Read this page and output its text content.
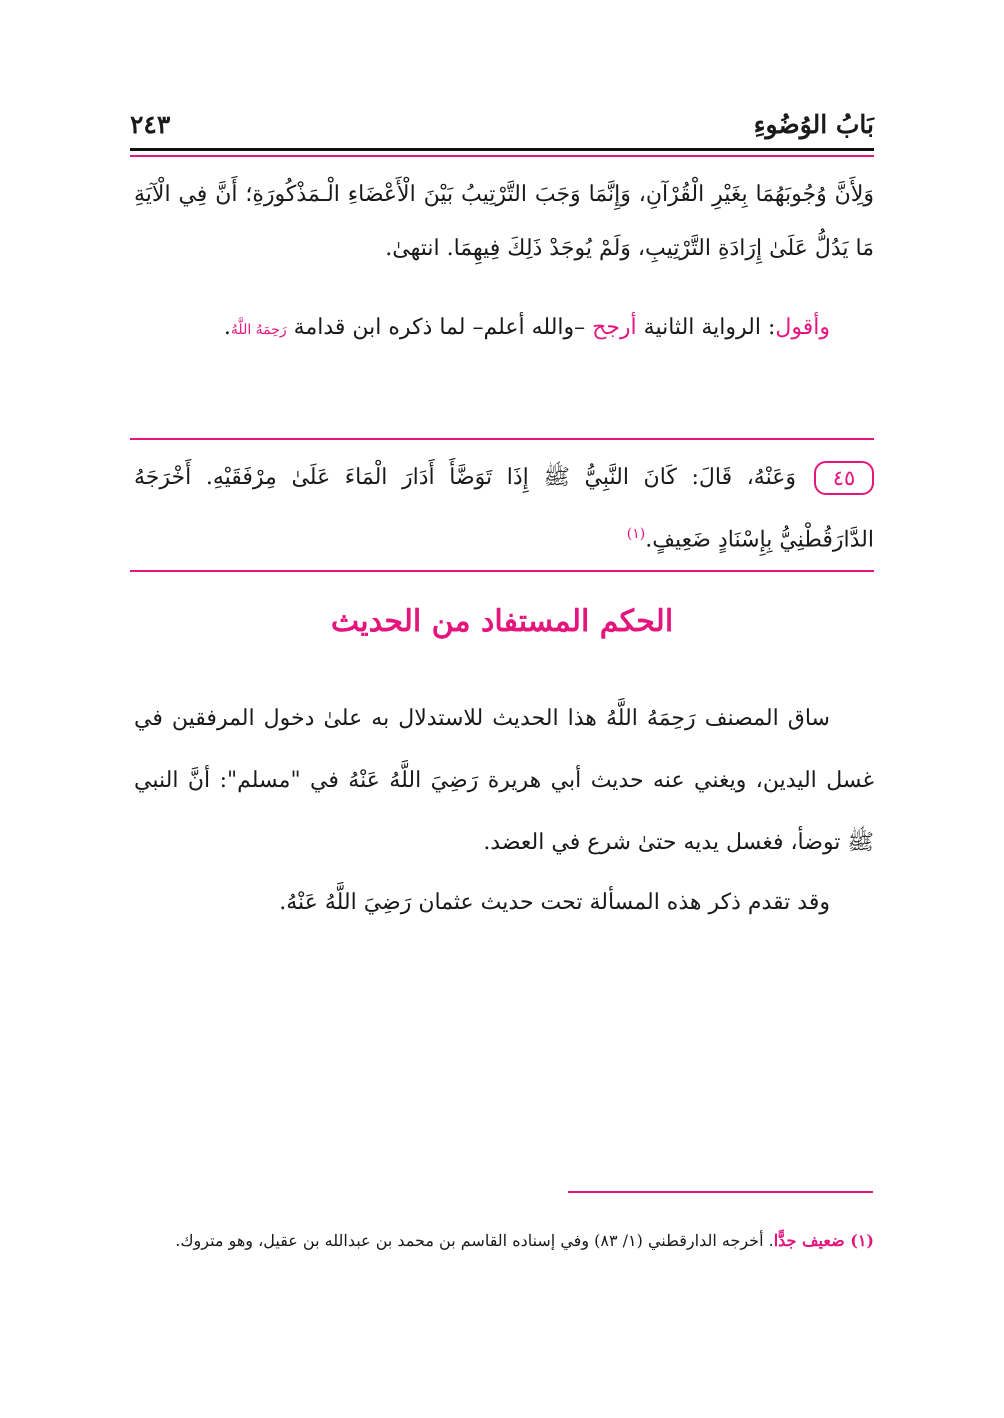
بَابُ الوُضُوءِ
٢٤٣

وَلِأَنَّ وُجُوبَهُمَا بِغَيْرِ الْقُرْآنِ، وَإِنَّمَا وَجَبَ التَّرْتِيبُ بَيْنَ الْأَعْضَاءِ الْـمَذْكُورَةِ؛ أَنَّ فِي الْآيَةِ مَا يَدُلُّ عَلَىٰ إِرَادَةِ التَّرْتِيبِ، وَلَمْ يُوجَدْ ذَلِكَ فِيهِمَا. انتهىٰ.

وأقول: الرواية الثانية أرجح –والله أعلم– لما ذكره ابن قدامة رَحِمَهُ اللَّهُ.

٤٥وَعَنْهُ، قَالَ: كَانَ النَّبِيُّ ﷺ إِذَا تَوَضَّأَ أَدَارَ الْمَاءَ عَلَىٰ مِرْفَقَيْهِ. أَخْرَجَهُ الدَّارَقُطْنِيُّ بِإِسْنَادٍ ضَعِيفٍ.$^{(١)}$

الحكم المستفاد من الحديث

ساق المصنف رَحِمَهُ اللَّهُ هذا الحديث للاستدلال به علىٰ دخول المرفقين في غسل اليدين، ويغني عنه حديث أبي هريرة رَضِيَ اللَّهُ عَنْهُ في "مسلم": أنَّ النبي ﷺ توضأ، فغسل يديه حتىٰ شرع في العضد.

وقد تقدم ذكر هذه المسألة تحت حديث عثمان رَضِيَ اللَّهُ عَنْهُ.

(١) ضعيف جدًّا. أخرجه الدارقطني (١/ ٨٣) وفي إسناده القاسم بن محمد بن عبدالله بن عقيل، وهو متروك.
